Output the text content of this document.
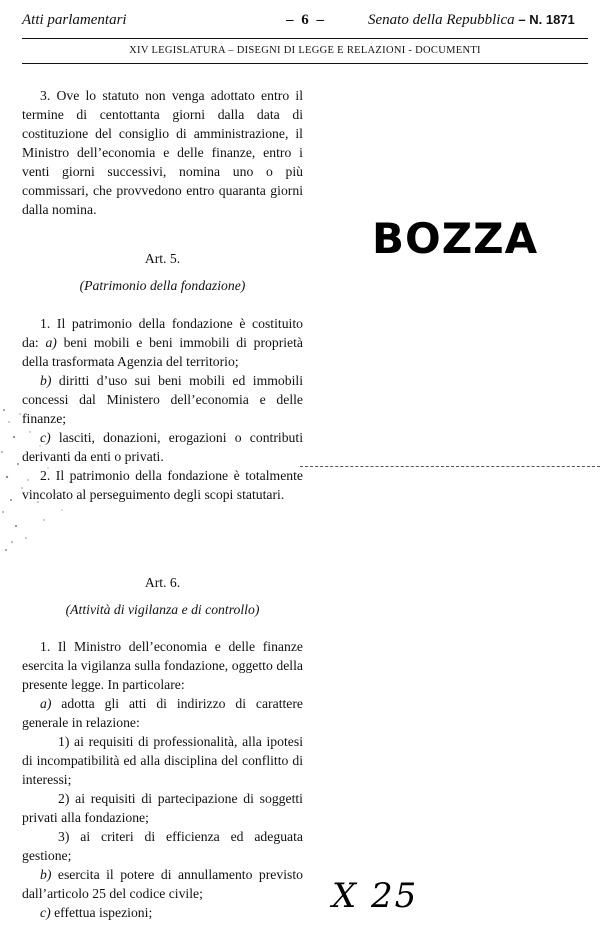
Atti parlamentari	– 6 –	Senato della Repubblica – N. 1871
XIV LEGISLATURA – DISEGNI DI LEGGE E RELAZIONI - DOCUMENTI

3. Ove lo statuto non venga adottato entro il termine di centottanta giorni dalla data di costituzione del consiglio di amministrazione, il Ministro dell’economia e delle finanze, entro i venti giorni successivi, nomina uno o più commissari, che provvedono entro quaranta giorni dalla nomina.

Art. 5.

(Patrimonio della fondazione)

1. Il patrimonio della fondazione è costituito da: a) beni mobili e beni immobili di proprietà della trasformata Agenzia del territorio;

b) diritti d’uso sui beni mobili ed immobili concessi dal Ministero dell’economia e delle finanze;

c) lasciti, donazioni, erogazioni o contributi derivanti da enti o privati.

2. Il patrimonio della fondazione è totalmente vincolato al perseguimento degli scopi statutari.

Art. 6.

(Attività di vigilanza e di controllo)

1. Il Ministro dell’economia e delle finanze esercita la vigilanza sulla fondazione, oggetto della presente legge. In particolare:

a) adotta gli atti di indirizzo di carattere generale in relazione:

1) ai requisiti di professionalità, alla ipotesi di incompatibilità ed alla disciplina del conflitto di interessi;

2) ai requisiti di partecipazione di soggetti privati alla fondazione;

3) ai criteri di efficienza ed adeguata gestione;

b) esercita il potere di annullamento previsto dall’articolo 25 del codice civile;

c) effettua ispezioni;

BOZZA
X 25
